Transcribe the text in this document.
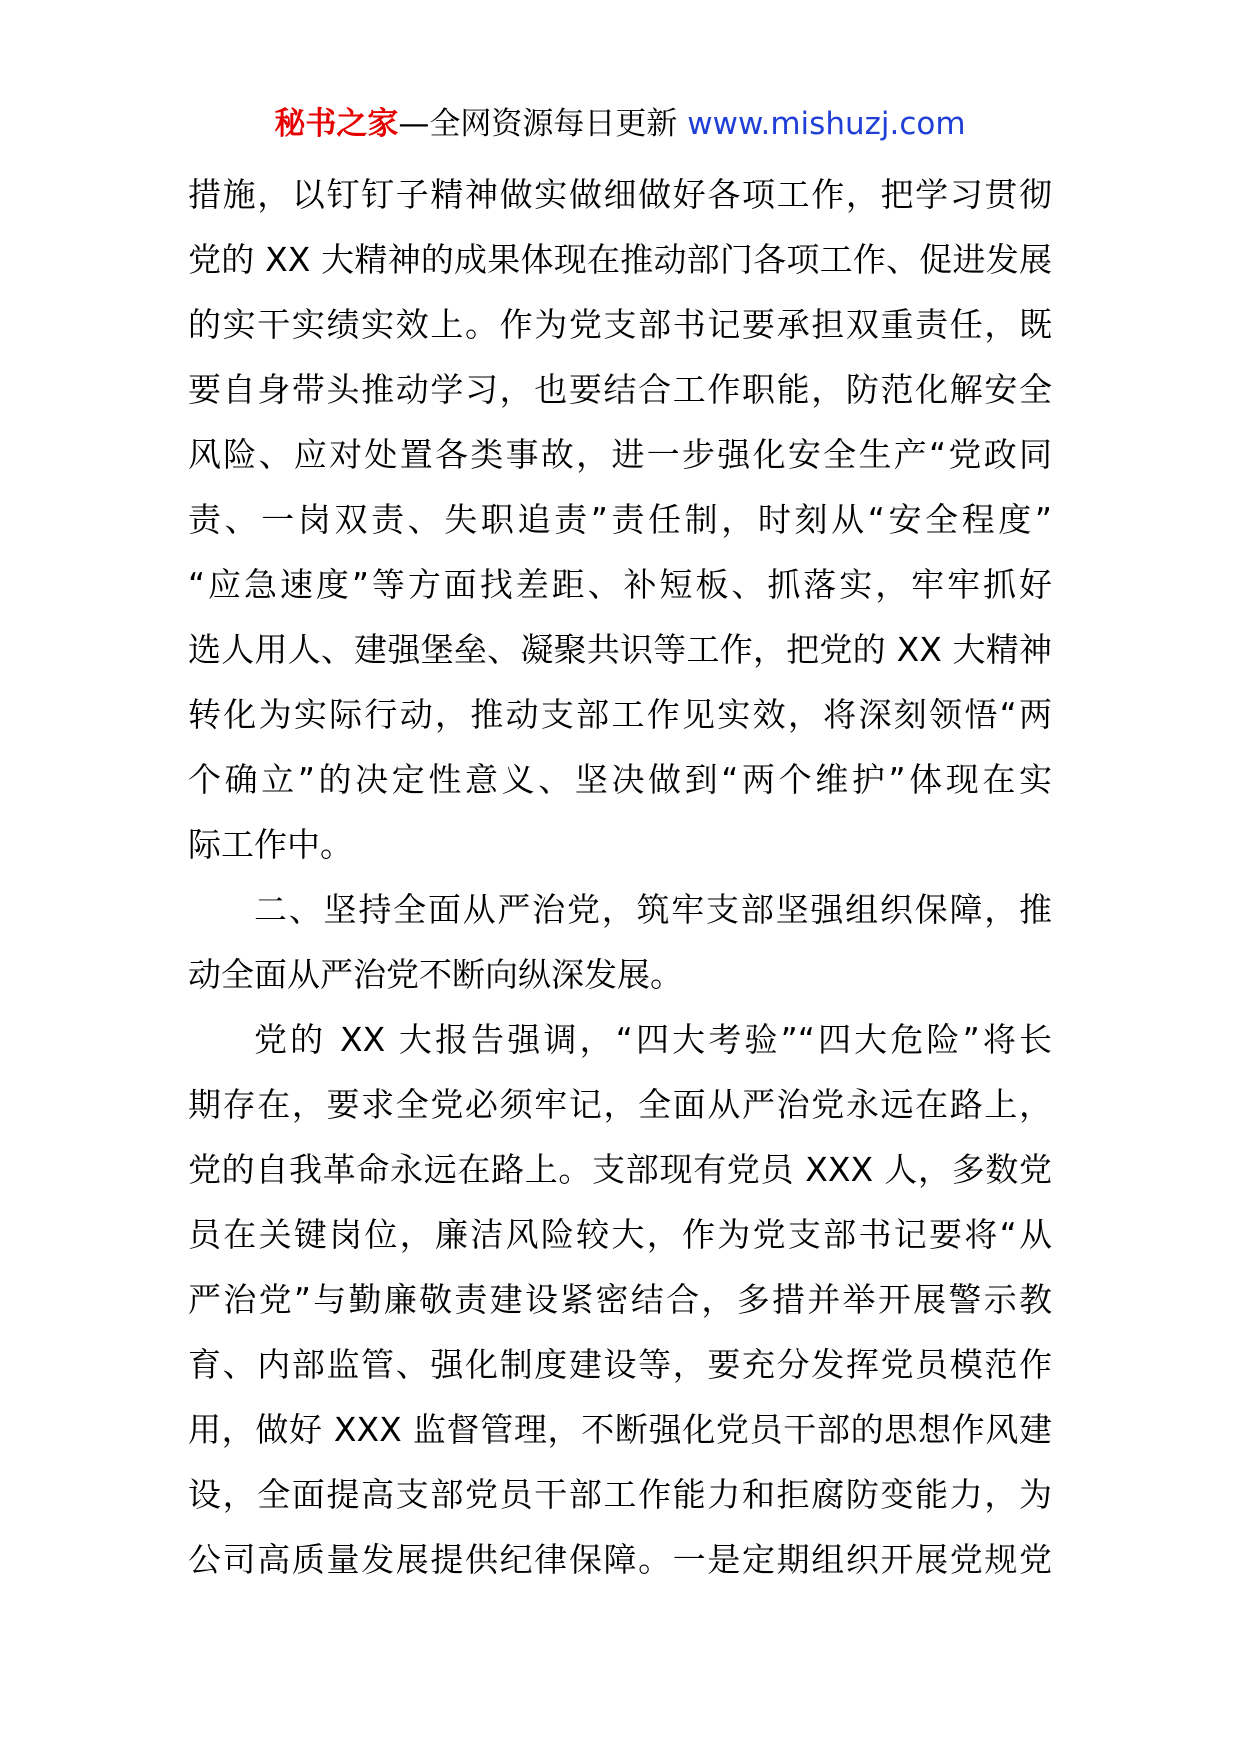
秘书之家—全网资源每日更新 www.mishuzj.com
措施，以钉钉子精神做实做细做好各项工作，把学习贯彻
党的 XX 大精神的成果体现在推动部门各项工作、促进发展
的实干实绩实效上。作为党支部书记要承担双重责任，既
要自身带头推动学习，也要结合工作职能，防范化解安全
风险、应对处置各类事故，进一步强化安全生产“党政同
责、一岗双责、失职追责”责任制，时刻从“安全程度”
“应急速度”等方面找差距、补短板、抓落实，牢牢抓好
选人用人、建强堡垒、凝聚共识等工作，把党的 XX 大精神
转化为实际行动，推动支部工作见实效，将深刻领悟“两
个确立”的决定性意义、坚决做到“两个维护”体现在实
际工作中。
二、坚持全面从严治党，筑牢支部坚强组织保障，推
动全面从严治党不断向纵深发展。
党的 XX 大报告强调，“四大考验”“四大危险”将长
期存在，要求全党必须牢记，全面从严治党永远在路上，
党的自我革命永远在路上。支部现有党员 XXX 人，多数党
员在关键岗位，廉洁风险较大，作为党支部书记要将“从
严治党”与勤廉敬责建设紧密结合，多措并举开展警示教
育、内部监管、强化制度建设等，要充分发挥党员模范作
用，做好 XXX 监督管理，不断强化党员干部的思想作风建
设，全面提高支部党员干部工作能力和拒腐防变能力，为
公司高质量发展提供纪律保障。一是定期组织开展党规党
